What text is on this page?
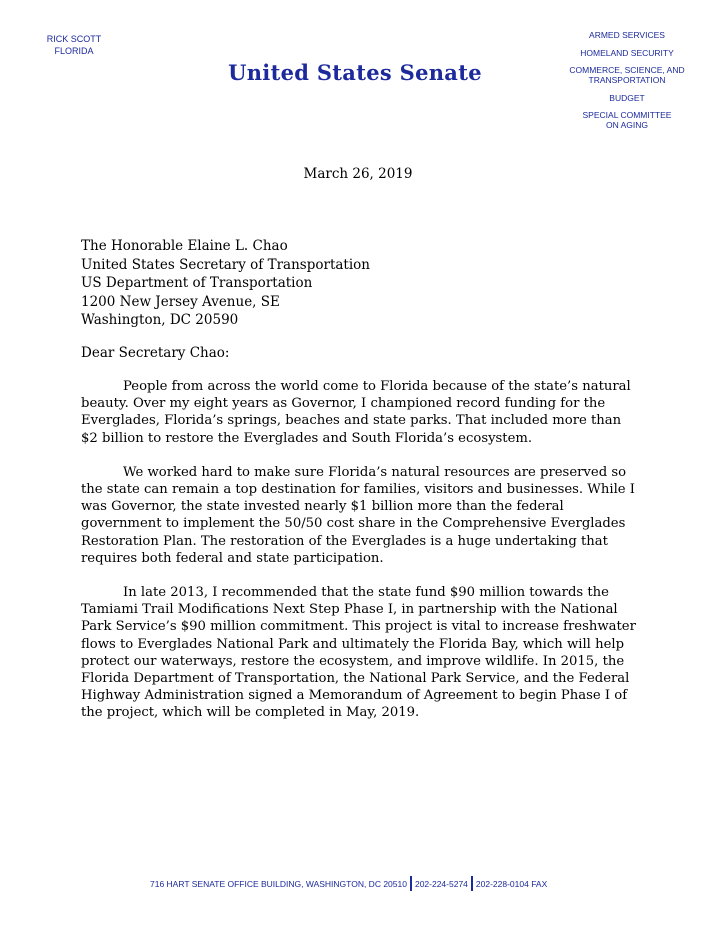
RICK SCOTT
FLORIDA
United States Senate
ARMED SERVICES
HOMELAND SECURITY
COMMERCE, SCIENCE, AND
TRANSPORTATION
BUDGET
SPECIAL COMMITTEE
ON AGING
March 26, 2019
The Honorable Elaine L. Chao
United States Secretary of Transportation
US Department of Transportation
1200 New Jersey Avenue, SE
Washington, DC 20590
Dear Secretary Chao:

People from across the world come to Florida because of the state’s natural beauty. Over my eight years as Governor, I championed record funding for the Everglades, Florida’s springs, beaches and state parks. That included more than $2 billion to restore the Everglades and South Florida’s ecosystem.

We worked hard to make sure Florida’s natural resources are preserved so the state can remain a top destination for families, visitors and businesses. While I was Governor, the state invested nearly $1 billion more than the federal government to implement the 50/50 cost share in the Comprehensive Everglades Restoration Plan. The restoration of the Everglades is a huge undertaking that requires both federal and state participation.

In late 2013, I recommended that the state fund $90 million towards the Tamiami Trail Modifications Next Step Phase I, in partnership with the National Park Service’s $90 million commitment. This project is vital to increase freshwater flows to Everglades National Park and ultimately the Florida Bay, which will help protect our waterways, restore the ecosystem, and improve wildlife. In 2015, the Florida Department of Transportation, the National Park Service, and the Federal Highway Administration signed a Memorandum of Agreement to begin Phase I of the project, which will be completed in May, 2019.

716 HART SENATE OFFICE BUILDING, WASHINGTON, DC 20510 202-224-5274 202-228-0104 FAX
